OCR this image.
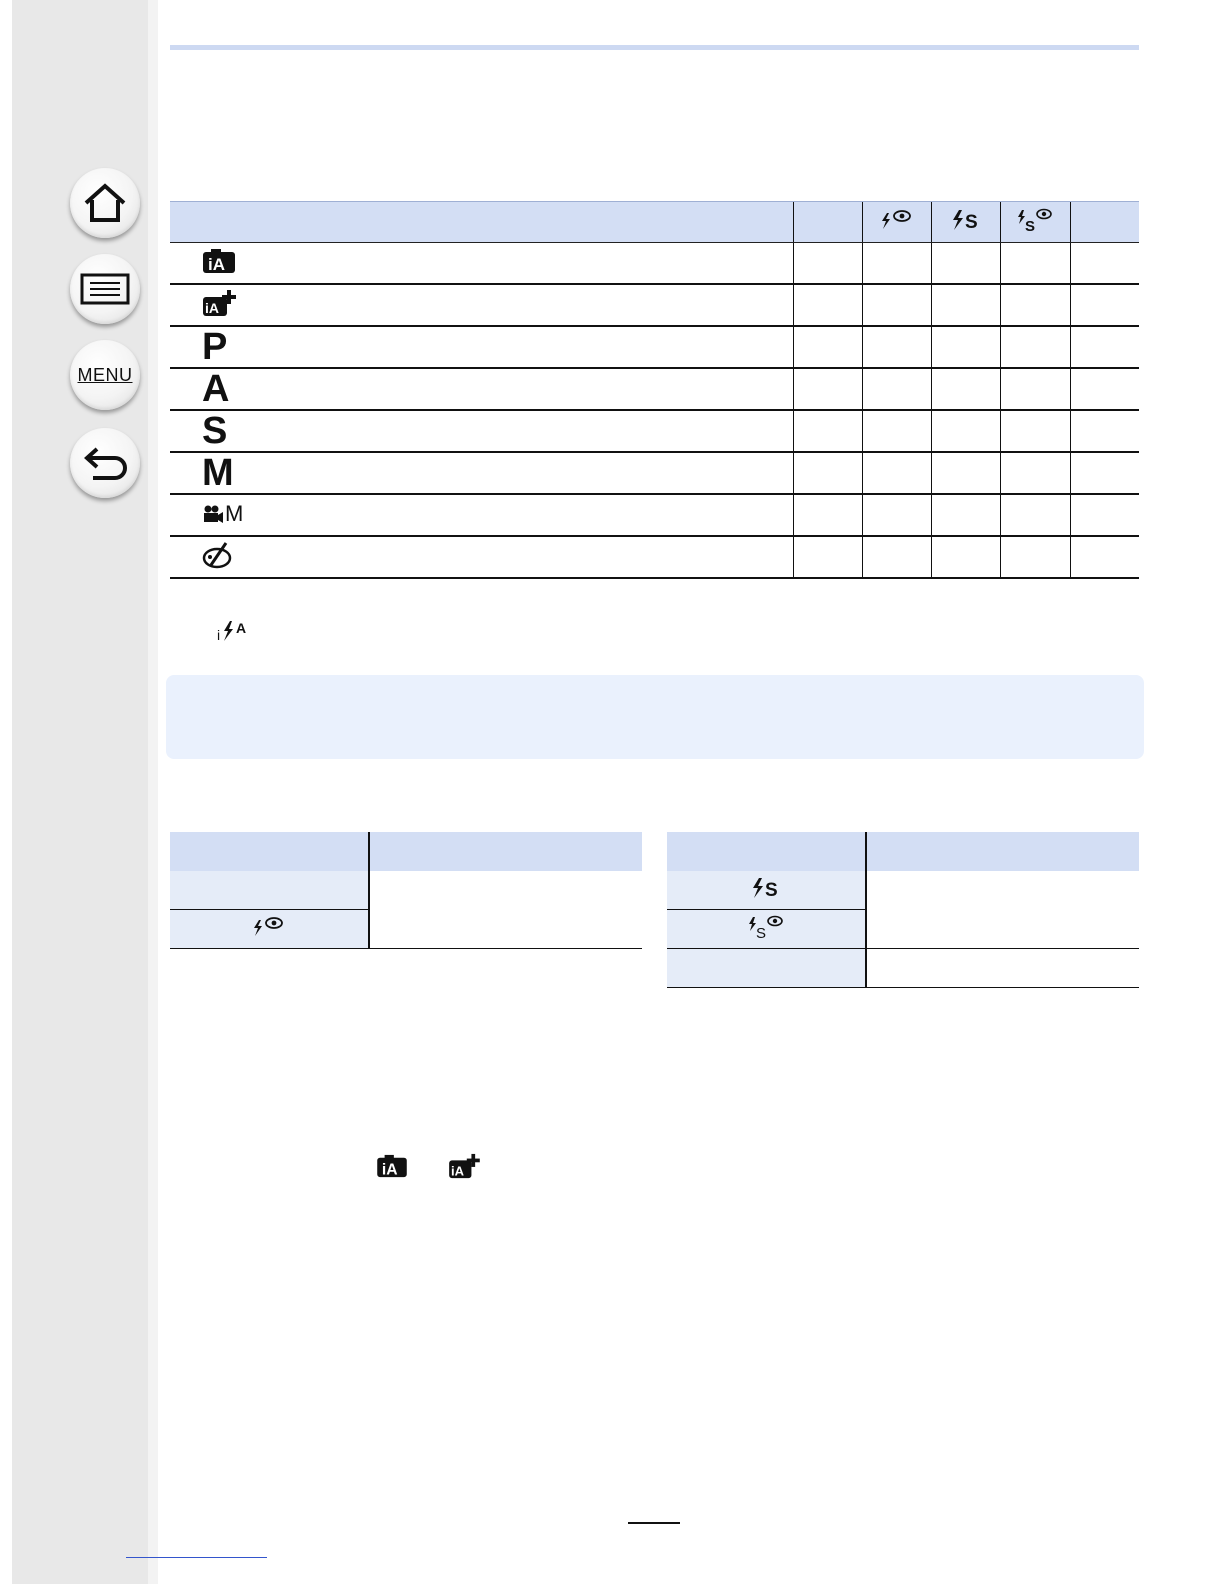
MENU

S	S	

iA					

iA					

P					
A					
S					
M					

M					

i A

S	

S	

iA	iA
